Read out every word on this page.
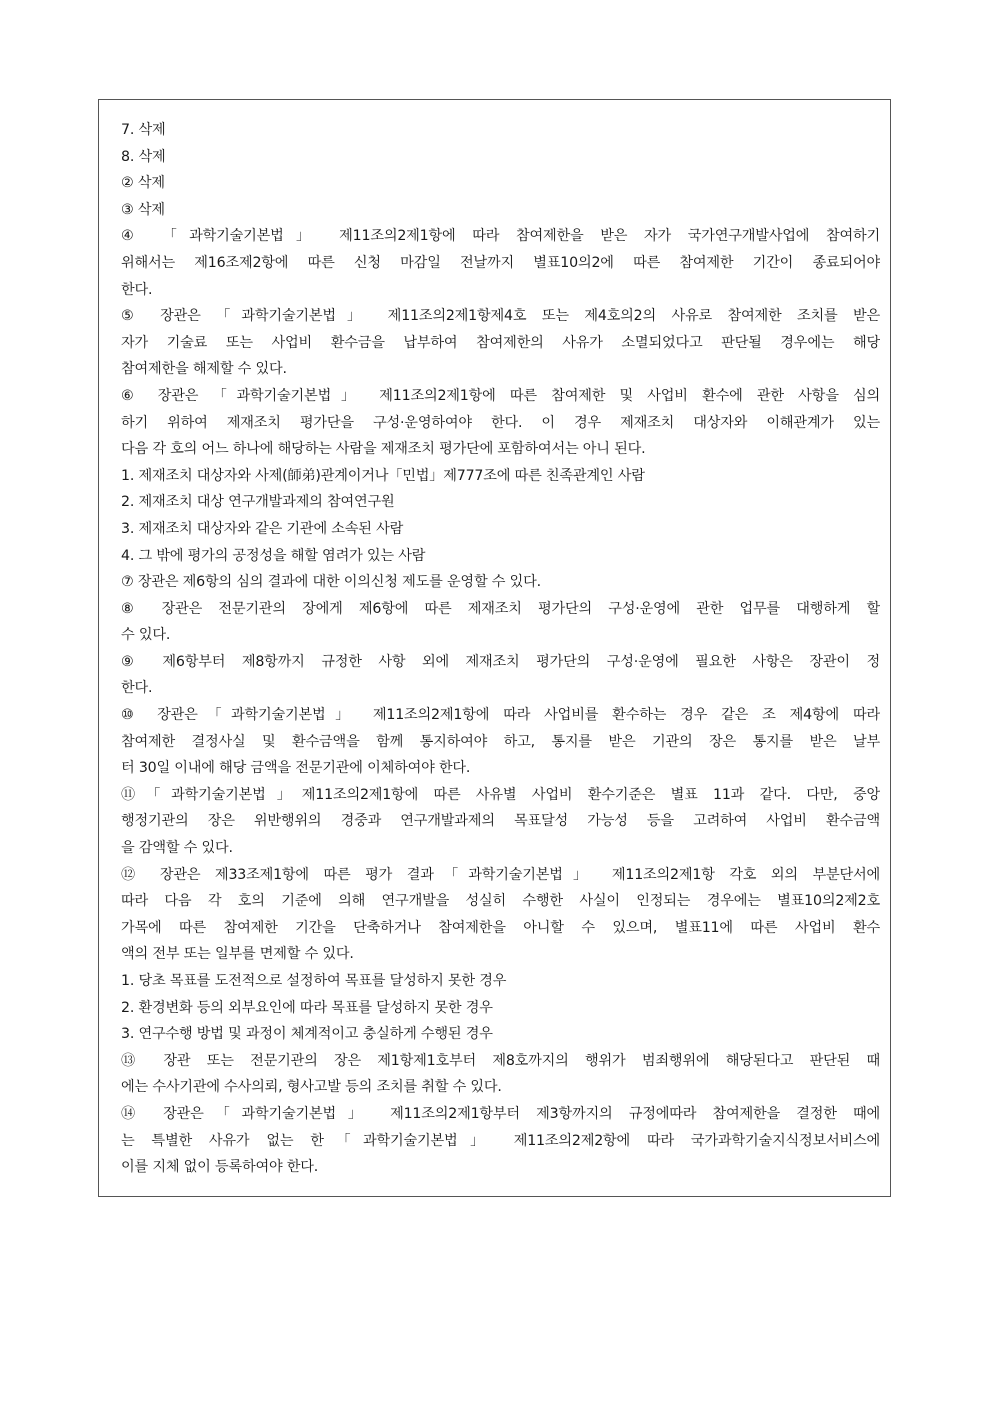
7. 삭제
8. 삭제
② 삭제
③ 삭제
④ 「과학기술기본법」 제11조의2제1항에 따라 참여제한을 받은 자가 국가연구개발사업에 참여하기
위해서는 제16조제2항에 따른 신청 마감일 전날까지 별표10의2에 따른 참여제한 기간이 종료되어야
한다.
⑤ 장관은 「과학기술기본법」 제11조의2제1항제4호 또는 제4호의2의 사유로 참여제한 조치를 받은
자가 기술료 또는 사업비 환수금을 납부하여 참여제한의 사유가 소멸되었다고 판단될 경우에는 해당
참여제한을 해제할 수 있다.
⑥ 장관은 「과학기술기본법」 제11조의2제1항에 따른 참여제한 및 사업비 환수에 관한 사항을 심의
하기 위하여 제재조치 평가단을 구성·운영하여야 한다. 이 경우 제재조치 대상자와 이해관계가 있는
다음 각 호의 어느 하나에 해당하는 사람을 제재조치 평가단에 포함하여서는 아니 된다.
1. 제재조치 대상자와 사제(師弟)관계이거나「민법」제777조에 따른 친족관계인 사람
2. 제재조치 대상 연구개발과제의 참여연구원
3. 제재조치 대상자와 같은 기관에 소속된 사람
4. 그 밖에 평가의 공정성을 해할 염려가 있는 사람
⑦ 장관은 제6항의 심의 결과에 대한 이의신청 제도를 운영할 수 있다.
⑧ 장관은 전문기관의 장에게 제6항에 따른 제재조치 평가단의 구성·운영에 관한 업무를 대행하게 할
수 있다.
⑨ 제6항부터 제8항까지 규정한 사항 외에 제재조치 평가단의 구성·운영에 필요한 사항은 장관이 정
한다.
⑩ 장관은「과학기술기본법」 제11조의2제1항에 따라 사업비를 환수하는 경우 같은 조 제4항에 따라
참여제한 결정사실 및 환수금액을 함께 통지하여야 하고, 통지를 받은 기관의 장은 통지를 받은 날부
터 30일 이내에 해당 금액을 전문기관에 이체하여야 한다.
⑪「과학기술기본법」제11조의2제1항에 따른 사유별 사업비 환수기준은 별표 11과 같다. 다만, 중앙
행정기관의 장은 위반행위의 경중과 연구개발과제의 목표달성 가능성 등을 고려하여 사업비 환수금액
을 감액할 수 있다.
⑫ 장관은 제33조제1항에 따른 평가 결과「과학기술기본법」 제11조의2제1항 각호 외의 부분단서에
따라 다음 각 호의 기준에 의해 연구개발을 성실히 수행한 사실이 인정되는 경우에는 별표10의2제2호
가목에 따른 참여제한 기간을 단축하거나 참여제한을 아니할 수 있으며, 별표11에 따른 사업비 환수
액의 전부 또는 일부를 면제할 수 있다.
1. 당초 목표를 도전적으로 설정하여 목표를 달성하지 못한 경우
2. 환경변화 등의 외부요인에 따라 목표를 달성하지 못한 경우
3. 연구수행 방법 및 과정이 체계적이고 충실하게 수행된 경우
⑬ 장관 또는 전문기관의 장은 제1항제1호부터 제8호까지의 행위가 범죄행위에 해당된다고 판단된 때
에는 수사기관에 수사의뢰, 형사고발 등의 조치를 취할 수 있다.
⑭ 장관은「과학기술기본법」 제11조의2제1항부터 제3항까지의 규정에따라 참여제한을 결정한 때에
는 특별한 사유가 없는 한「과학기술기본법」 제11조의2제2항에 따라 국가과학기술지식정보서비스에
이를 지체 없이 등록하여야 한다.
